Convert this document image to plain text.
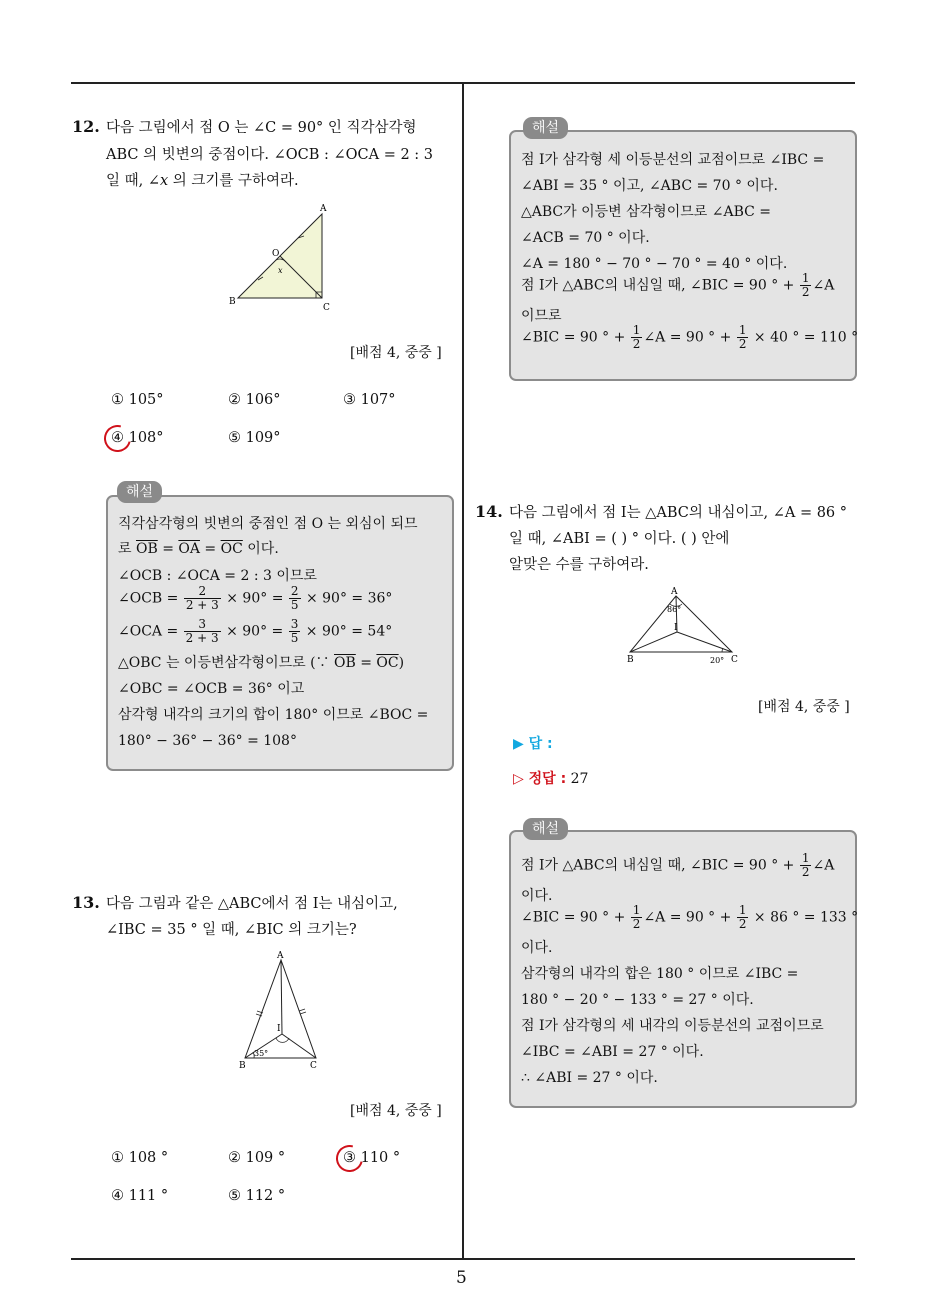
5
12. 다음 그림에서 점 O 는 ∠C = 90° 인 직각삼각형
ABC 의 빗변의 중점이다. ∠OCB : ∠OCA = 2 : 3
일 때, ∠𝑥 의 크기를 구하여라.
A
O
x
B
C
[배점 4, 중중 ]
① 105°	② 106°	③ 107°
④ 108°	⑤ 109°
해설
직각삼각형의 빗변의 중점인 점 O 는 외심이 되므
로 $\overline{OB} = \overline{OA} = \overline{OC}$ 이다.
∠OCB : ∠OCA = 2 : 3 이므로
∠OCB = $\frac{2}{2 + 3} \times 90^\circ = \frac{2}{5} \times 90^\circ = 36^\circ$
∠OCA = $\frac{3}{2 + 3} \times 90^\circ = \frac{3}{5} \times 90^\circ = 54^\circ$
△OBC 는 이등변삼각형이므로 (∵ $\overline{OB} = \overline{OC}$)
∠OBC = ∠OCB = 36° 이고
삼각형 내각의 크기의 합이 180° 이므로 ∠BOC =
180° − 36° − 36° = 108°
13. 다음 그림과 같은 △ABC에서 점 I는 내심이고,
∠IBC = 35 ° 일 때, ∠BIC 의 크기는?
A
I
35°
B	C
[배점 4, 중중 ]
① 108 °	② 109 °	③ 110 °
④ 111 °	⑤ 112 °
해설
점 I가 삼각형 세 이등분선의 교점이므로 ∠IBC =
∠ABI = 35 ° 이고, ∠ABC = 70 ° 이다.
△ABC가 이등변 삼각형이므로 ∠ABC =
∠ACB = 70 ° 이다.
∠A = 180 ° − 70 ° − 70 ° = 40 ° 이다.
점 I가 △ABC의 내심일 때, ∠BIC = 90 ° + $\frac{1}{2}$ ∠A
이므로
∠BIC = 90 ° + $\frac{1}{2}$ ∠A = 90 ° + $\frac{1}{2} \times 40$ ° = 110 °
14. 다음 그림에서 점 I는 △ABC의 내심이고, ∠A = 86 °
일 때, ∠ABI = ( ) ° 이다. ( ) 안에
알맞은 수를 구하여라.
A
86°
I
B	20° C
[배점 4, 중중 ]
▶ 답 :
▷ 정답 : 27
해설
점 I가 △ABC의 내심일 때, ∠BIC = 90 ° + $\frac{1}{2}$ ∠A
이다.
∠BIC = 90 ° + $\frac{1}{2}$ ∠A = 90 ° + $\frac{1}{2} \times 86$ ° = 133 °
이다.
삼각형의 내각의 합은 180 ° 이므로 ∠IBC =
180 ° − 20 ° − 133 ° = 27 ° 이다.
점 I가 삼각형의 세 내각의 이등분선의 교점이므로
∠IBC = ∠ABI = 27 ° 이다.
∴ ∠ABI = 27 ° 이다.
